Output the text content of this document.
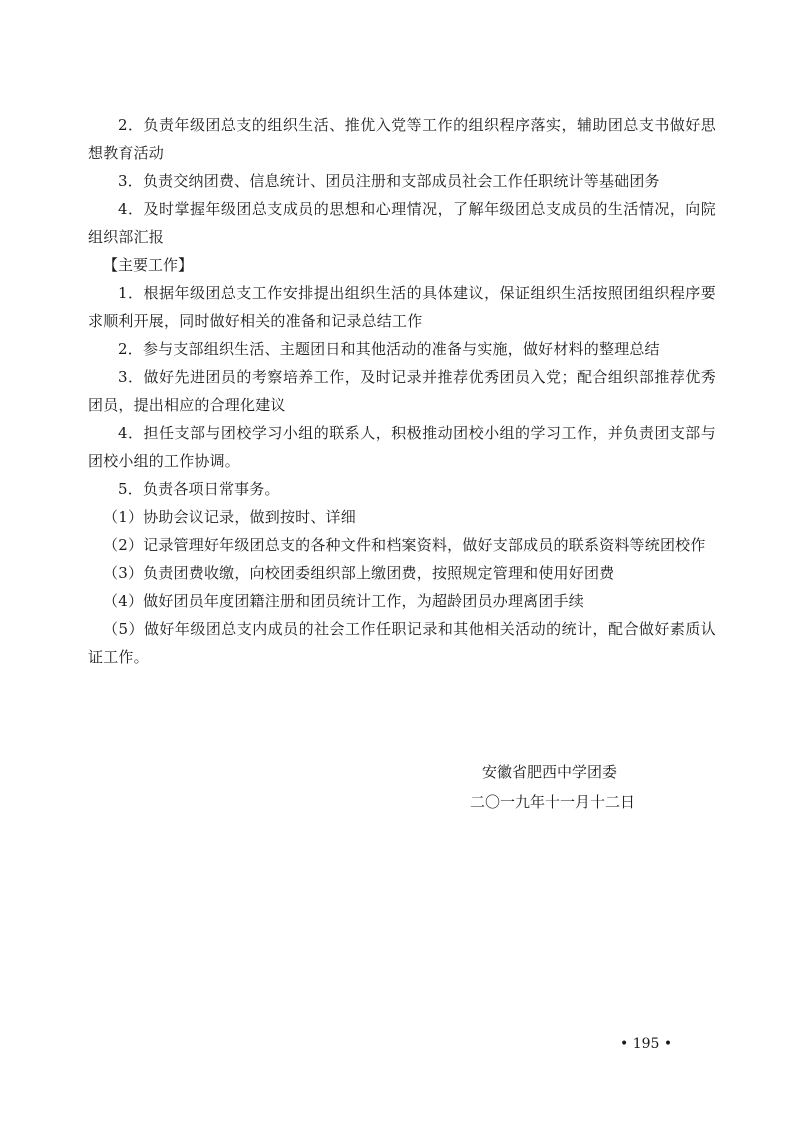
2．负责年级团总支的组织生活、推优入党等工作的组织程序落实，辅助团总支书做好思想教育活动

3．负责交纳团费、信息统计、团员注册和支部成员社会工作任职统计等基础团务

4．及时掌握年级团总支成员的思想和心理情况，了解年级团总支成员的生活情况，向院组织部汇报

【主要工作】

1．根据年级团总支工作安排提出组织生活的具体建议，保证组织生活按照团组织程序要求顺利开展，同时做好相关的准备和记录总结工作

2．参与支部组织生活、主题团日和其他活动的准备与实施，做好材料的整理总结

3．做好先进团员的考察培养工作，及时记录并推荐优秀团员入党；配合组织部推荐优秀团员，提出相应的合理化建议

4．担任支部与团校学习小组的联系人，积极推动团校小组的学习工作，并负责团支部与团校小组的工作协调。

5．负责各项日常事务。

（1）协助会议记录，做到按时、详细

（2）记录管理好年级团总支的各种文件和档案资料，做好支部成员的联系资料等统团校作

（3）负责团费收缴，向校团委组织部上缴团费，按照规定管理和使用好团费

（4）做好团员年度团籍注册和团员统计工作，为超龄团员办理离团手续

（5）做好年级团总支内成员的社会工作任职记录和其他相关活动的统计，配合做好素质认证工作。

安徽省肥西中学团委

二〇一九年十一月十二日

• 195 •
